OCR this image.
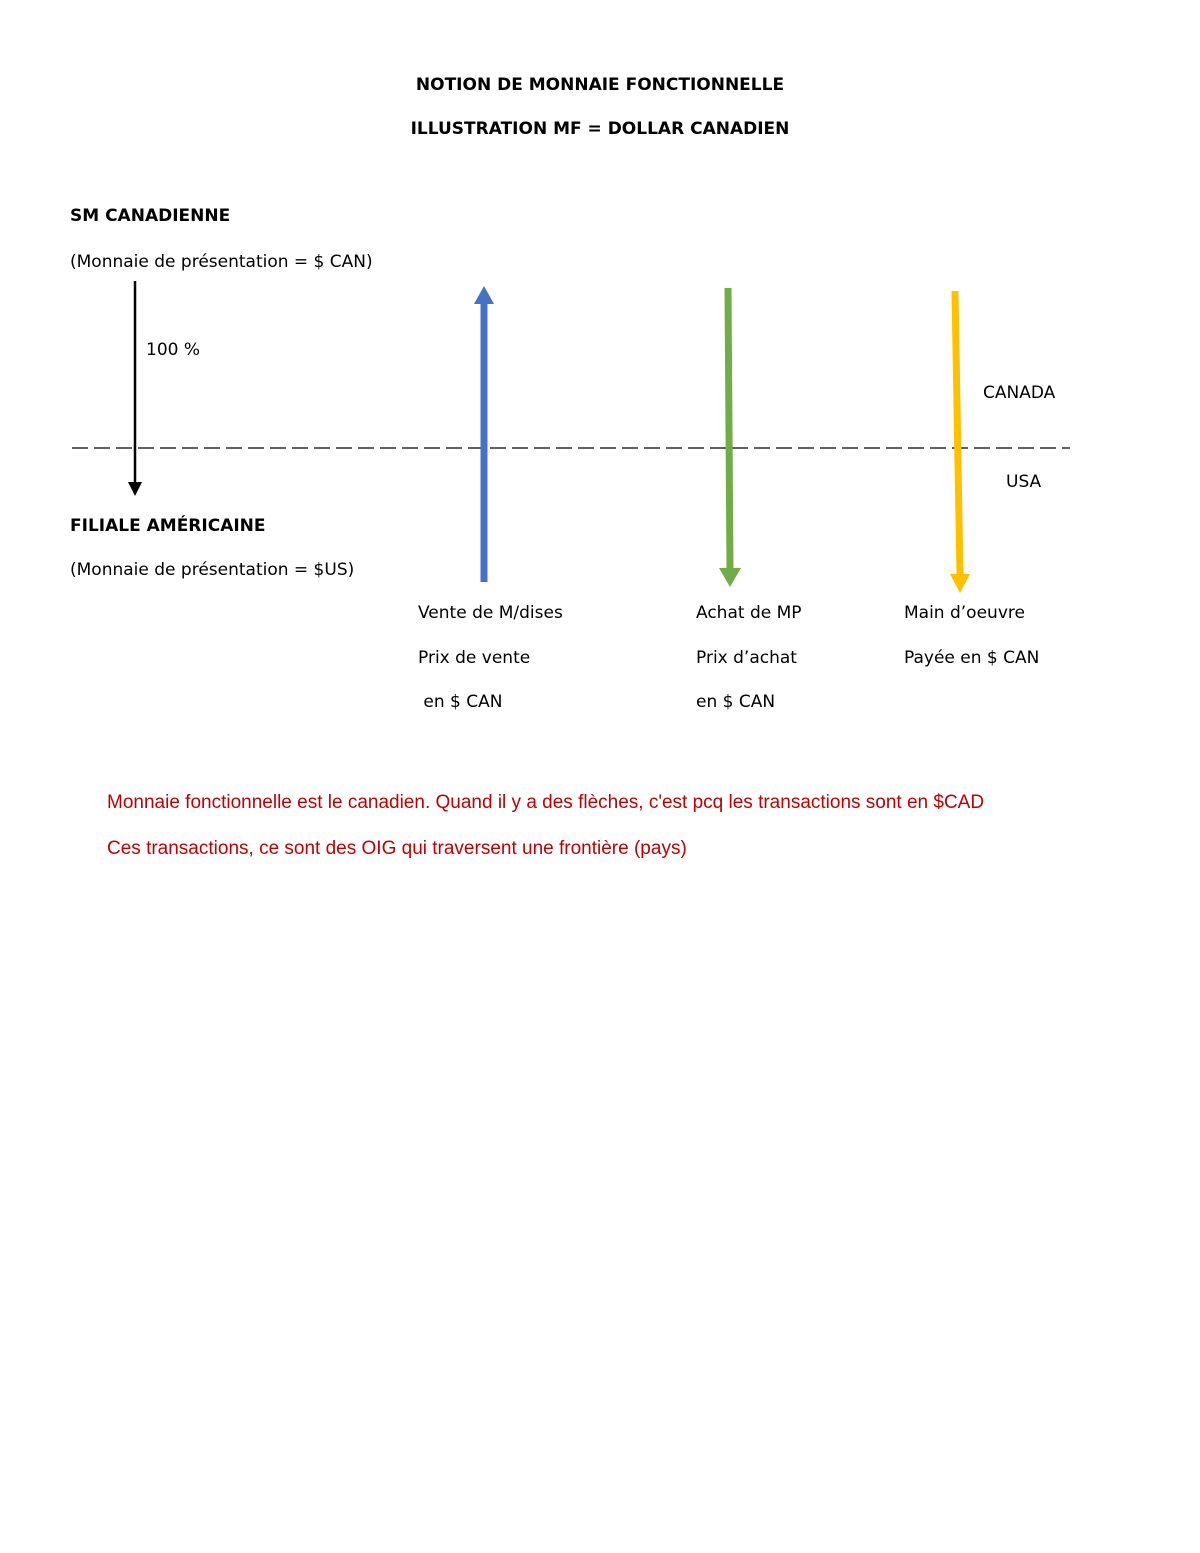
NOTION DE MONNAIE FONCTIONNELLE
ILLUSTRATION MF = DOLLAR CANADIEN
SM CANADIENNE
(Monnaie de présentation = $ CAN)
100 %
CANADA
USA
FILIALE AMÉRICAINE
(Monnaie de présentation = $US)
Vente de M/dises
Prix de vente
en $ CAN
Achat de MP
Prix d’achat
en $ CAN
Main d’oeuvre
Payée en $ CAN
Monnaie fonctionnelle est le canadien. Quand il y a des flèches, c'est pcq les transactions sont en $CAD
Ces transactions, ce sont des OIG qui traversent une frontière (pays)
